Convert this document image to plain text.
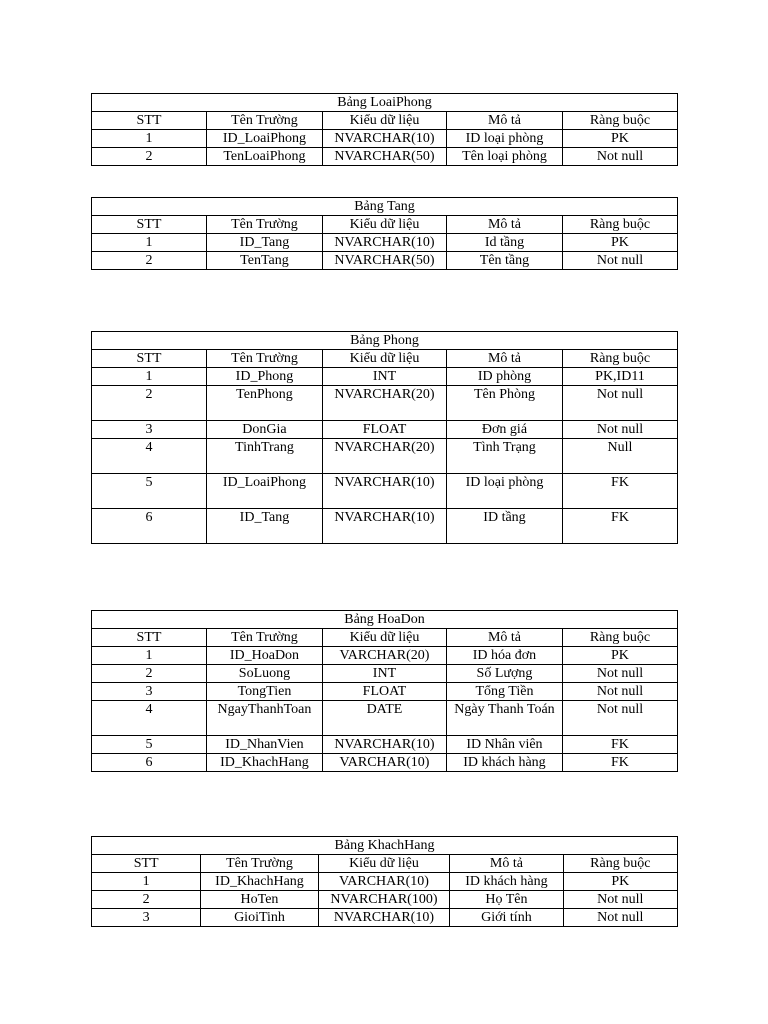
Bảng LoaiPhong				
STT	Tên Trường	Kiểu dữ liệu	Mô tả	Ràng buộc
1	ID_LoaiPhong	NVARCHAR(10)	ID loại phòng	PK
2	TenLoaiPhong	NVARCHAR(50)	Tên loại phòng	Not null
Bảng Tang				
STT	Tên Trường	Kiểu dữ liệu	Mô tả	Ràng buộc
1	ID_Tang	NVARCHAR(10)	Id tầng	PK
2	TenTang	NVARCHAR(50)	Tên tầng	Not null
Bảng Phong				
STT	Tên Trường	Kiểu dữ liệu	Mô tả	Ràng buộc
1	ID_Phong	INT	ID phòng	PK,ID11
2	TenPhong	NVARCHAR(20)	Tên Phòng	Not null
3	DonGia	FLOAT	Đơn giá	Not null
4	TinhTrang	NVARCHAR(20)	Tình Trạng	Null
5	ID_LoaiPhong	NVARCHAR(10)	ID loại phòng	FK
6	ID_Tang	NVARCHAR(10)	ID tầng	FK
Bảng HoaDon				
STT	Tên Trường	Kiểu dữ liệu	Mô tả	Ràng buộc
1	ID_HoaDon	VARCHAR(20)	ID hóa đơn	PK
2	SoLuong	INT	Số Lượng	Not null
3	TongTien	FLOAT	Tổng Tiền	Not null
4	NgayThanhToan	DATE	Ngày Thanh Toán	Not null
5	ID_NhanVien	NVARCHAR(10)	ID Nhân viên	FK
6	ID_KhachHang	VARCHAR(10)	ID khách hàng	FK
Bảng KhachHang				
STT	Tên Trường	Kiểu dữ liệu	Mô tả	Ràng buộc
1	ID_KhachHang	VARCHAR(10)	ID khách hàng	PK
2	HoTen	NVARCHAR(100)	Họ Tên	Not null
3	GioiTinh	NVARCHAR(10)	Giới tính	Not null
